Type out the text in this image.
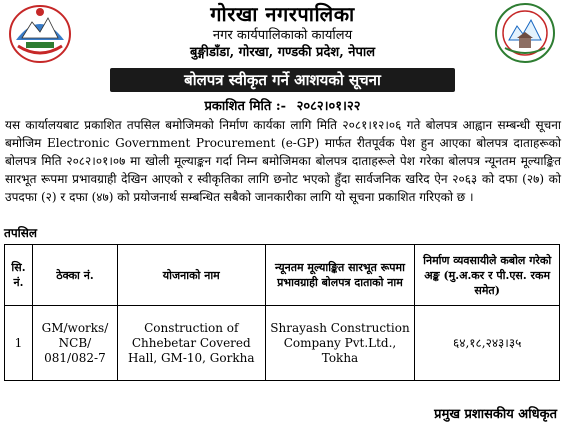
गोरखा नगरपालिका
नगर कार्यपालिकाको कार्यालय
बुङ्गीडाँडा, गोरखा, गण्डकी प्रदेश, नेपाल
बोलपत्र स्वीकृत गर्ने आशयको सूचना
प्रकाशित मिति :- २०८२।०१।२२
यस कार्यालयबाट प्रकाशित तपसिल बमोजिमको निर्माण कार्यका लागि मिति २०८१।१२।०६ गते बोलपत्र आह्वान सम्बन्धी सूचना बमोजिम Electronic Government Procurement (e-GP) मार्फत रीतपूर्वक पेश हुन आएका बोलपत्र दाताहरूको बोलपत्र मिति २०८२।०१।०७ मा खोली मूल्याङ्कन गर्दा निम्न बमोजिमका बोलपत्र दाताहरूले पेश गरेका बोलपत्र न्यूनतम मूल्याङ्कित सारभूत रूपमा प्रभावग्राही देखिन आएको र स्वीकृतिका लागि छनोट भएको हुँदा सार्वजनिक खरिद ऐन २०६३ को दफा (२७) को उपदफा (२) र दफा (४७) को प्रयोजनार्थ सम्बन्धित सबैको जानकारीका लागि यो सूचना प्रकाशित गरिएको छ ।
तपसिल
सि. नं.	ठेक्का नं.	योजनाको नाम	न्यूनतम मूल्याङ्कित सारभूत रूपमा प्रभावग्राही बोलपत्र दाताको नाम	निर्माण व्यवसायीले कबोल गरेको अङ्क (मु.अ.कर र पी.एस. रकम समेत)
1	GM/works/ NCB/ 081/082-7	Construction of Chhebetar Covered Hall, GM-10, Gorkha	Shrayash Construction Company Pvt.Ltd., Tokha	६४,१८,२४३।३५
प्रमुख प्रशासकीय अधिकृत
